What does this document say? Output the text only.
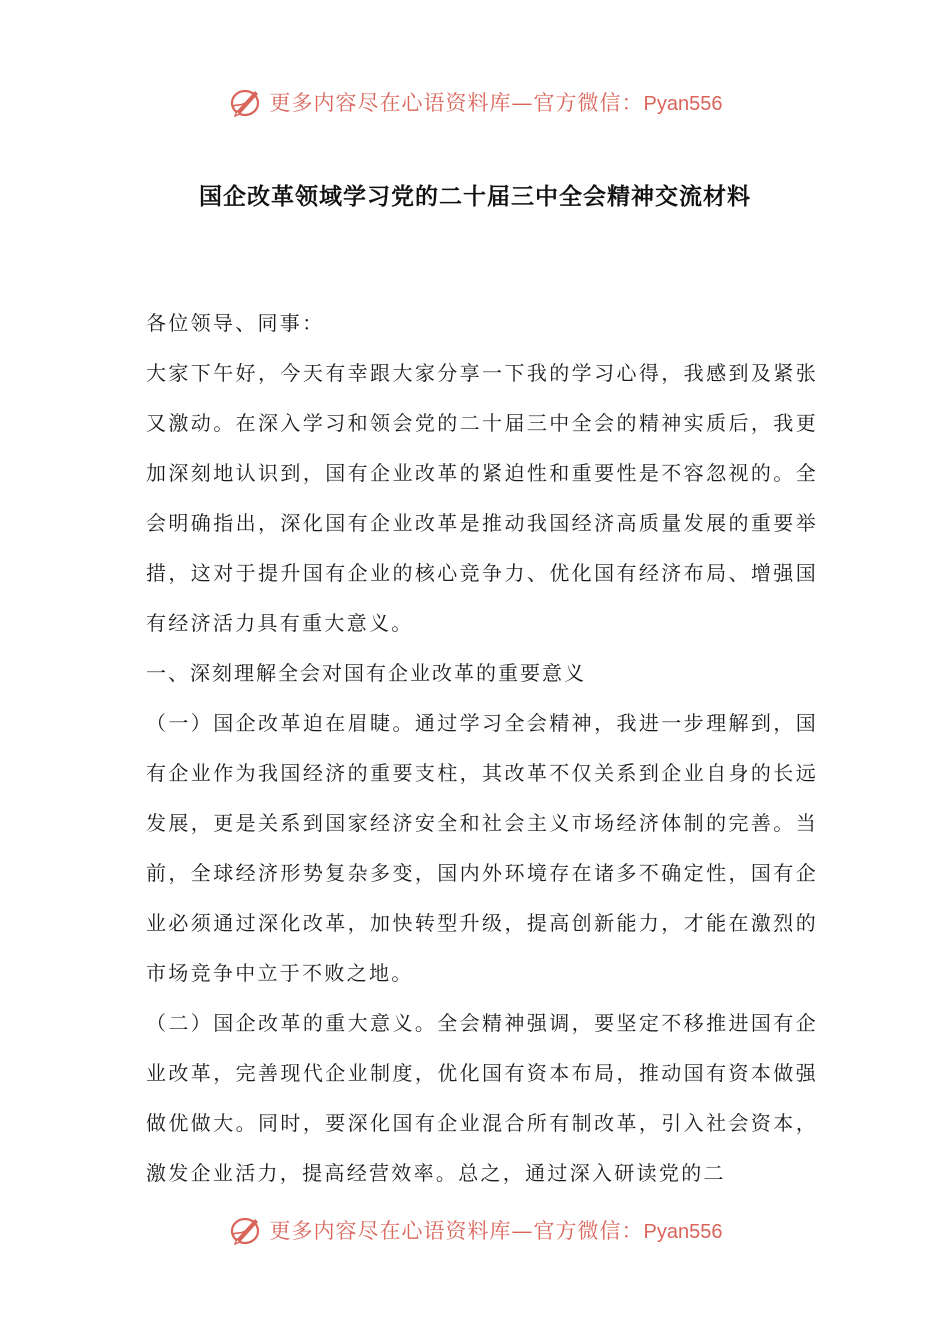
更多内容尽在心语资料库—官方微信：Pyan556
国企改革领域学习党的二十届三中全会精神交流材料

各位领导、同事：

大家下午好，今天有幸跟大家分享一下我的学习心得，我感到及紧张又激动。在深入学习和领会党的二十届三中全会的精神实质后，我更加深刻地认识到，国有企业改革的紧迫性和重要性是不容忽视的。全会明确指出，深化国有企业改革是推动我国经济高质量发展的重要举措，这对于提升国有企业的核心竞争力、优化国有经济布局、增强国有经济活力具有重大意义。

一、深刻理解全会对国有企业改革的重要意义

（一）国企改革迫在眉睫。通过学习全会精神，我进一步理解到，国有企业作为我国经济的重要支柱，其改革不仅关系到企业自身的长远发展，更是关系到国家经济安全和社会主义市场经济体制的完善。当前，全球经济形势复杂多变，国内外环境存在诸多不确定性，国有企业必须通过深化改革，加快转型升级，提高创新能力，才能在激烈的市场竞争中立于不败之地。

（二）国企改革的重大意义。全会精神强调，要坚定不移推进国有企业改革，完善现代企业制度，优化国有资本布局，推动国有资本做强做优做大。同时，要深化国有企业混合所有制改革，引入社会资本，激发企业活力，提高经营效率。总之，通过深入研读党的二

更多内容尽在心语资料库—官方微信：Pyan556
